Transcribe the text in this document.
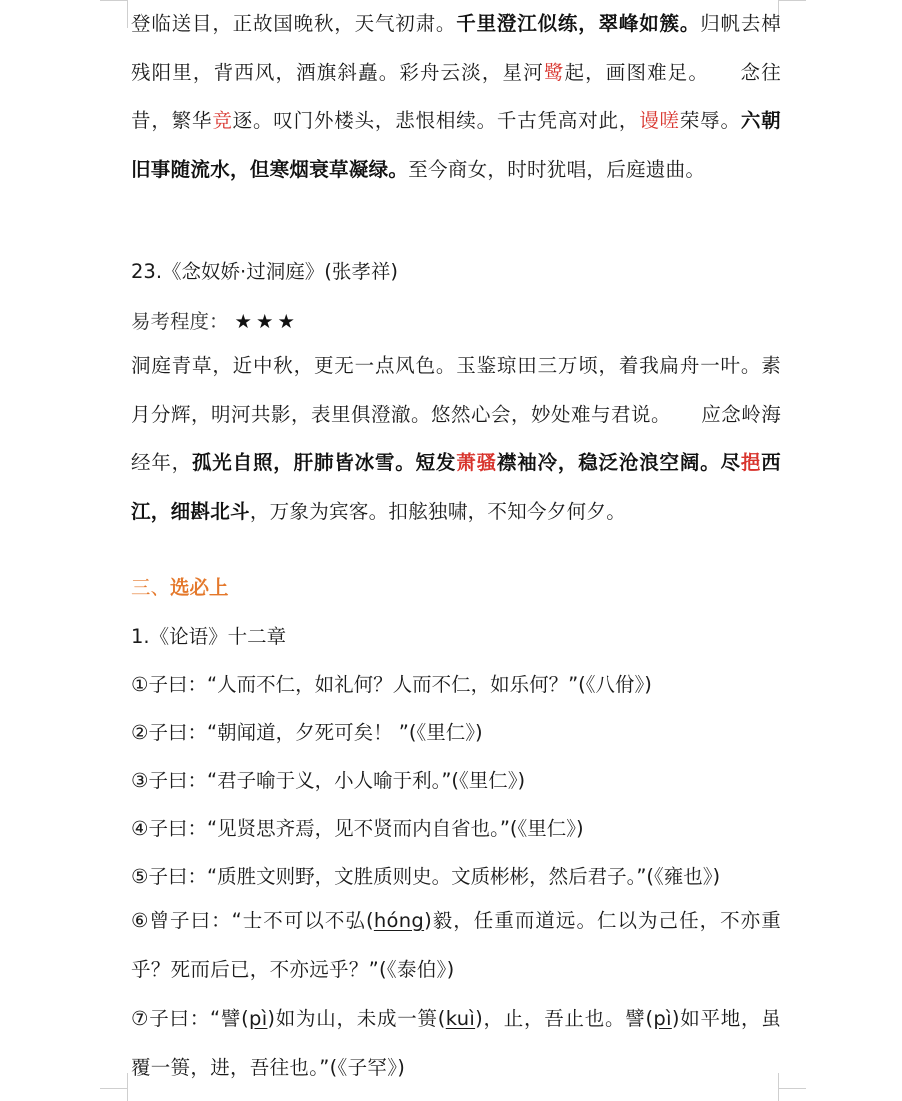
登临送目，正故国晚秋，天气初肃。千里澄江似练，翠峰如簇。归帆去棹残阳里，背西风，酒旗斜矗。彩舟云淡，星河鹭起，画图难足。　　念往昔，繁华竞逐。叹门外楼头，悲恨相续。千古凭高对此，谩嗟荣辱。六朝旧事随流水，但寒烟衰草凝绿。至今商女，时时犹唱，后庭遗曲。
23.《念奴娇·过洞庭》(张孝祥)
易考程度： ★★★
洞庭青草，近中秋，更无一点风色。玉鉴琼田三万顷，着我扁舟一叶。素月分辉，明河共影，表里俱澄澈。悠然心会，妙处难与君说。　　应念岭海经年，孤光自照，肝肺皆冰雪。短发萧骚襟袖冷，稳泛沧浪空阔。尽挹西江，细斟北斗，万象为宾客。扣舷独啸，不知今夕何夕。
三、选必上
1.《论语》十二章
①子曰：“人而不仁，如礼何？人而不仁，如乐何？”(《八佾》)
②子曰：“朝闻道，夕死可矣！ ”(《里仁》)
③子曰：“君子喻于义，小人喻于利。”(《里仁》)
④子曰：“见贤思齐焉，见不贤而内自省也。”(《里仁》)
⑤子曰：“质胜文则野，文胜质则史。文质彬彬，然后君子。”(《雍也》)
⑥曾子曰：“士不可以不弘(hóng)毅，任重而道远。仁以为己任，不亦重乎？死而后已，不亦远乎？”(《泰伯》)
⑦子曰：“譬(pì)如为山，未成一篑(kuì)，止，吾止也。譬(pì)如平地，虽覆一篑，进，吾往也。”(《子罕》)
